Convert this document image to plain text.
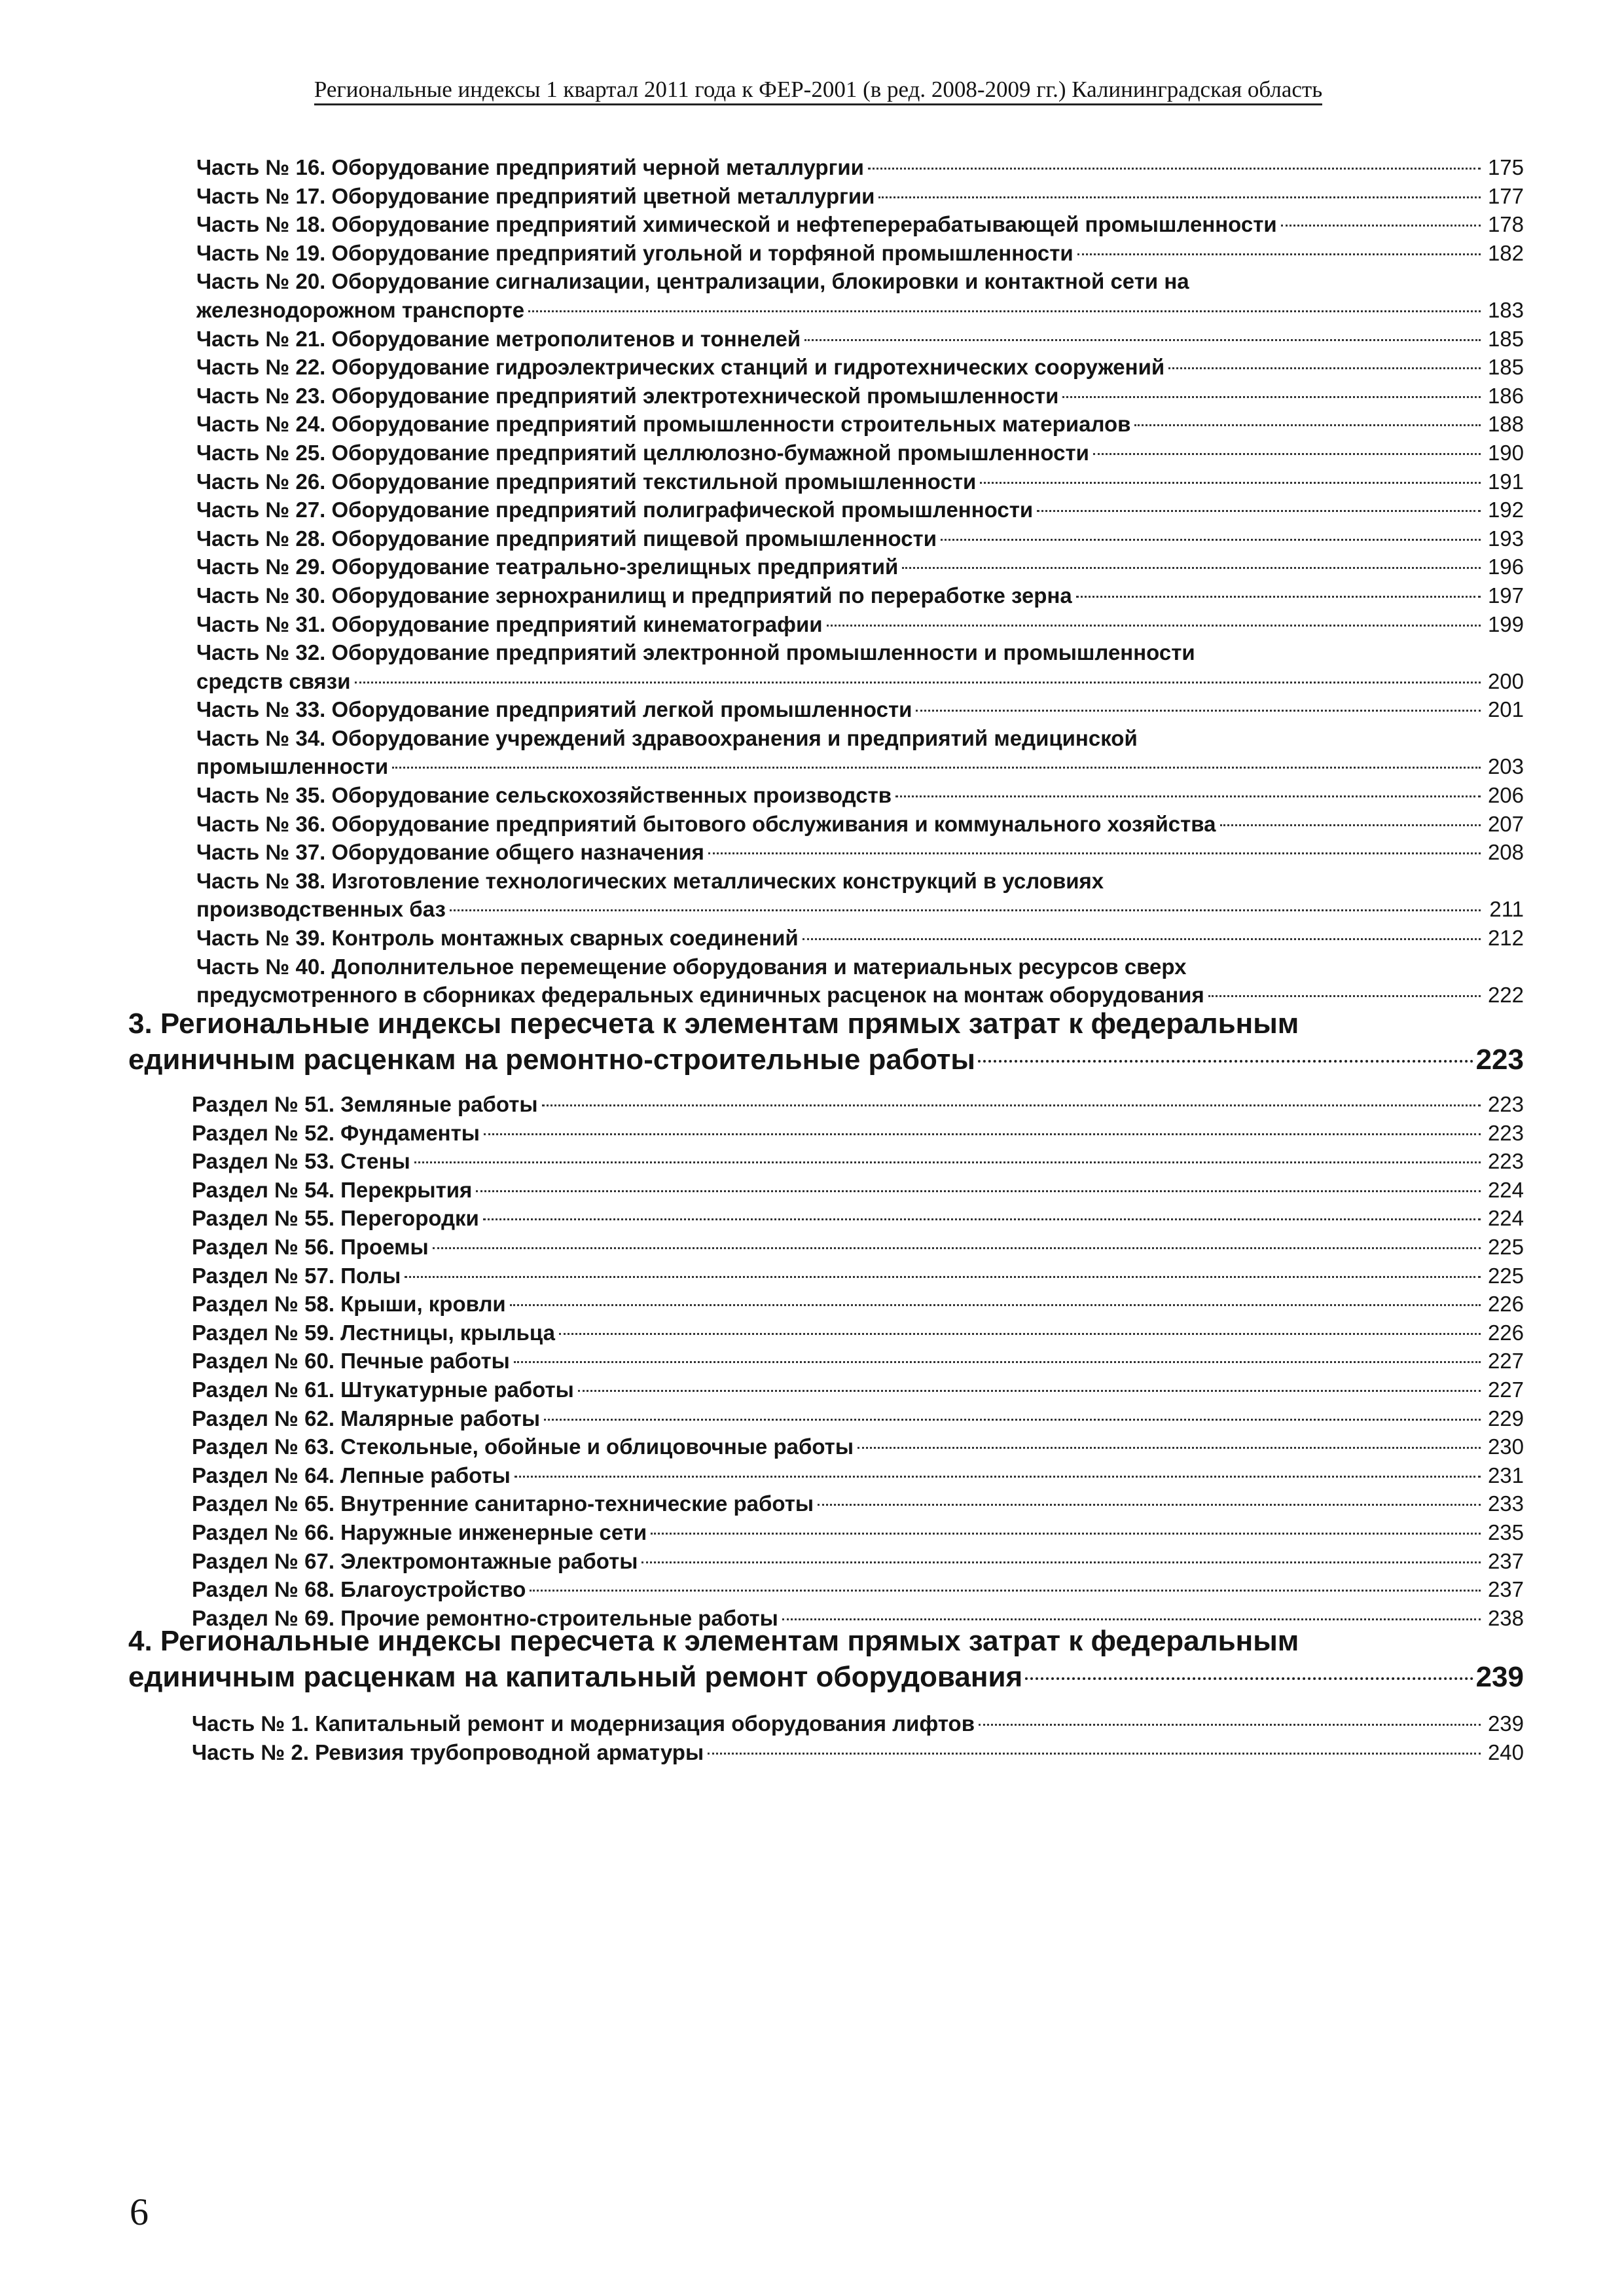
Региональные индексы 1 квартал 2011 года к ФЕР-2001 (в ред. 2008-2009 гг.) Калининградская область
Часть № 16. Оборудование предприятий черной металлургии	175
Часть № 17. Оборудование предприятий цветной металлургии	177
Часть № 18. Оборудование предприятий химической и нефтеперерабатывающей промышленности	178
Часть № 19. Оборудование предприятий угольной и торфяной промышленности	182
Часть № 20. Оборудование сигнализации, централизации, блокировки и контактной сети на
железнодорожном транспорте	183
Часть № 21. Оборудование метрополитенов и тоннелей	185
Часть № 22. Оборудование гидроэлектрических станций и гидротехнических сооружений	185
Часть № 23. Оборудование предприятий электротехнической промышленности	186
Часть № 24. Оборудование предприятий промышленности строительных материалов	188
Часть № 25. Оборудование предприятий целлюлозно-бумажной промышленности	190
Часть № 26. Оборудование предприятий текстильной промышленности	191
Часть № 27. Оборудование предприятий полиграфической промышленности	192
Часть № 28. Оборудование предприятий пищевой промышленности	193
Часть № 29. Оборудование театрально-зрелищных предприятий	196
Часть № 30. Оборудование зернохранилищ и предприятий по переработке зерна	197
Часть № 31. Оборудование предприятий кинематографии	199
Часть № 32. Оборудование предприятий электронной промышленности и промышленности
средств связи	200
Часть № 33. Оборудование предприятий легкой промышленности	201
Часть № 34. Оборудование учреждений здравоохранения и предприятий медицинской
промышленности	203
Часть № 35. Оборудование сельскохозяйственных производств	206
Часть № 36. Оборудование предприятий бытового обслуживания и коммунального хозяйства	207
Часть № 37. Оборудование общего назначения	208
Часть № 38. Изготовление технологических металлических конструкций в условиях
производственных баз	211
Часть № 39. Контроль монтажных сварных соединений	212
Часть № 40. Дополнительное перемещение оборудования и материальных ресурсов сверх
предусмотренного в сборниках федеральных единичных расценок на монтаж оборудования	222
3. Региональные индексы пересчета к элементам прямых затрат к федеральным
единичным расценкам на ремонтно-строительные работы	223
Раздел № 51. Земляные работы	223
Раздел № 52. Фундаменты	223
Раздел № 53. Стены	223
Раздел № 54. Перекрытия	224
Раздел № 55. Перегородки	224
Раздел № 56. Проемы	225
Раздел № 57. Полы	225
Раздел № 58. Крыши, кровли	226
Раздел № 59. Лестницы, крыльца	226
Раздел № 60. Печные работы	227
Раздел № 61. Штукатурные работы	227
Раздел № 62. Малярные работы	229
Раздел № 63. Стекольные, обойные и облицовочные работы	230
Раздел № 64. Лепные работы	231
Раздел № 65. Внутренние санитарно-технические работы	233
Раздел № 66. Наружные инженерные сети	235
Раздел № 67. Электромонтажные работы	237
Раздел № 68. Благоустройство	237
Раздел № 69. Прочие ремонтно-строительные работы	238
4. Региональные индексы пересчета к элементам прямых затрат к федеральным
единичным расценкам на капитальный ремонт оборудования	239
Часть № 1. Капитальный ремонт и модернизация оборудования лифтов	239
Часть № 2. Ревизия трубопроводной арматуры	240
6
